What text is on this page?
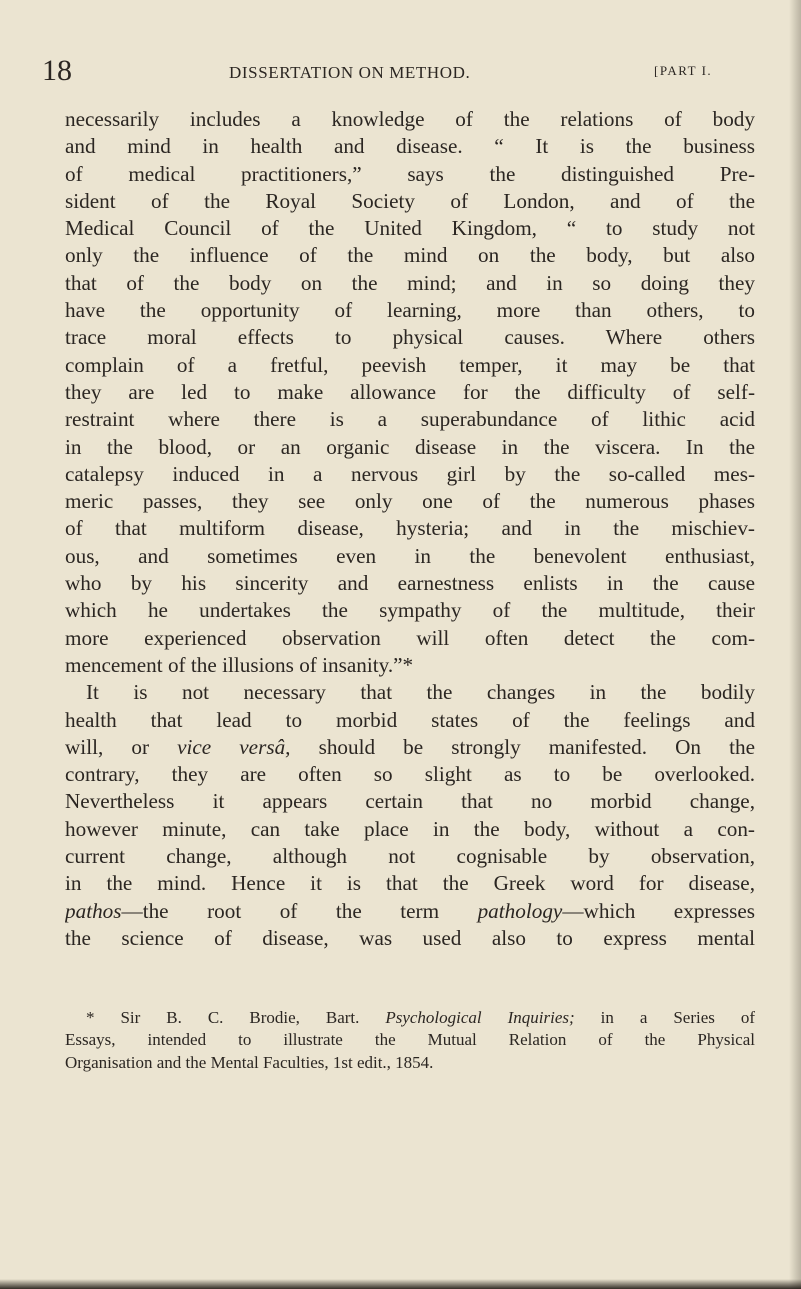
18	DISSERTATION ON METHOD.	[PART I.
necessarily includes a knowledge of the relations of body
and mind in health and disease. “ It is the business
of medical practitioners,” says the distinguished Pre-
sident of the Royal Society of London, and of the
Medical Council of the United Kingdom, “ to study not
only the influence of the mind on the body, but also
that of the body on the mind; and in so doing they
have the opportunity of learning, more than others, to
trace moral effects to physical causes. Where others
complain of a fretful, peevish temper, it may be that
they are led to make allowance for the difficulty of self-
restraint where there is a superabundance of lithic acid
in the blood, or an organic disease in the viscera. In the
catalepsy induced in a nervous girl by the so-called mes-
meric passes, they see only one of the numerous phases
of that multiform disease, hysteria; and in the mischiev-
ous, and sometimes even in the benevolent enthusiast,
who by his sincerity and earnestness enlists in the cause
which he undertakes the sympathy of the multitude, their
more experienced observation will often detect the com-
mencement of the illusions of insanity.”*
It is not necessary that the changes in the bodily
health that lead to morbid states of the feelings and
will, or vice versâ, should be strongly manifested. On the
contrary, they are often so slight as to be overlooked.
Nevertheless it appears certain that no morbid change,
however minute, can take place in the body, without a con-
current change, although not cognisable by observation,
in the mind. Hence it is that the Greek word for disease,
pathos—the root of the term pathology—which expresses
the science of disease, was used also to express mental
* Sir B. C. Brodie, Bart. Psychological Inquiries; in a Series of
Essays, intended to illustrate the Mutual Relation of the Physical
Organisation and the Mental Faculties, 1st edit., 1854.
